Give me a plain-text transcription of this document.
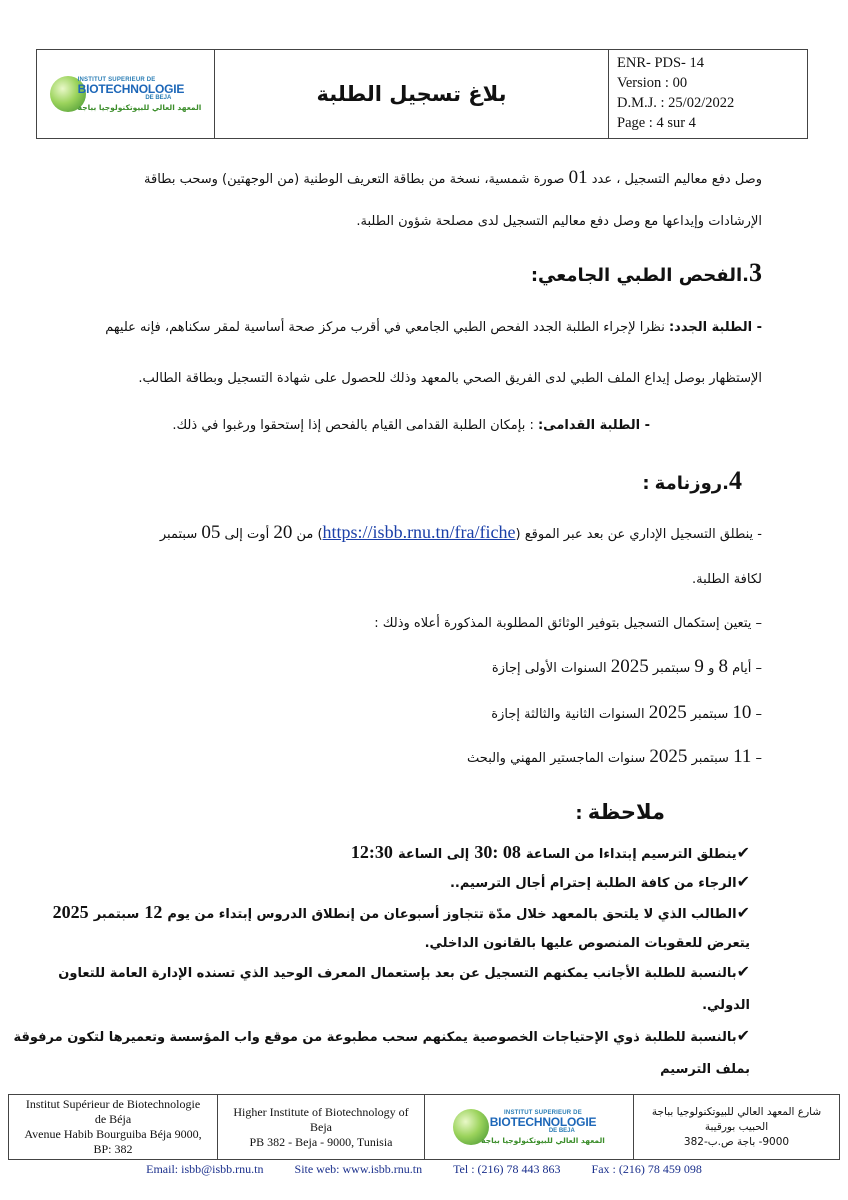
INSTITUT SUPERIEUR DE
BIOTECHNOLOGIE
DE BEJA
المعهد العالي للبيوتكنولوجيا بباجة
بلاغ تسجيل الطلبة
ENR- PDS- 14
Version : 00
D.M.J. : 25/02/2022
Page : 4 sur 4
وصل دفع معاليم التسجيل ، عدد 01 صورة شمسية، نسخة من بطاقة التعريف الوطنية (من الوجهتين) وسحب بطاقة
الإرشادات وإيداعها مع وصل دفع معاليم التسجيل لدى مصلحة شؤون الطلبة.
3.الفحص الطبي الجامعي:
- الطلبة الجدد: نظرا لإجراء الطلبة الجدد الفحص الطبي الجامعي في أقرب مركز صحة أساسية لمقر سكناهم، فإنه عليهم
الإستظهار بوصل إيداع الملف الطبي لدى الفريق الصحي بالمعهد وذلك للحصول على شهادة التسجيل وبطاقة الطالب.
- الطلبة القدامى: : بإمكان الطلبة القدامى القيام بالفحص إذا إستحقوا ورغبوا في ذلك.
4.روزنامة :
- ينطلق التسجيل الإداري عن بعد عبر الموقع (https://isbb.rnu.tn/fra/fiche) من 20 أوت إلى 05 سبتمبر
لكافة الطلبة.
– يتعين إستكمال التسجيل بتوفير الوثائق المطلوبة المذكورة أعلاه وذلك :
– أيام 8 و 9 سبتمبر 2025 السنوات الأولى إجازة
– 10 سبتمبر 2025 السنوات الثانية والثالثة إجازة
– 11 سبتمبر 2025 سنوات الماجستير المهني والبحث
ملاحظة :
✔ينطلق الترسيم إبتداءا من الساعة 08 :30 إلى الساعة 12:30
✔الرجاء من كافة الطلبة إحترام أجال الترسيم..
✔الطالب الذي لا يلتحق بالمعهد خلال مدّة تتجاوز أسبوعان من إنطلاق الدروس إبتداء من يوم 12 سبتمبر 2025
يتعرض للعقوبات المنصوص عليها بالقانون الداخلي.
✔بالنسبة للطلبة الأجانب يمكنهم التسجيل عن بعد بإستعمال المعرف الوحيد الذي تسنده الإدارة العامة للتعاون
الدولي.
✔بالنسبة للطلبة ذوي الإحتياجات الخصوصية يمكنهم سحب مطبوعة من موقع واب المؤسسة وتعميرها لتكون مرفوقة
بملف الترسيم
Institut Supérieur de Biotechnologie
de Béja
Avenue Habib Bourguiba Béja 9000,
BP: 382
Higher Institute of Biotechnology of
Beja
PB 382 - Beja - 9000, Tunisia
INSTITUT SUPERIEUR DE
BIOTECHNOLOGIE
DE BEJA
المعهد العالي للبيوتكنولوجيا بباجة
شارع المعهد العالي للبيوتكنولوجيا بباجة
الحبيب بورقيبة
9000- باجة ص.ب-382
Email: isbb@isbb.rnu.tn	Site web: www.isbb.rnu.tn	Tel : (216) 78 443 863	Fax : (216) 78 459 098
